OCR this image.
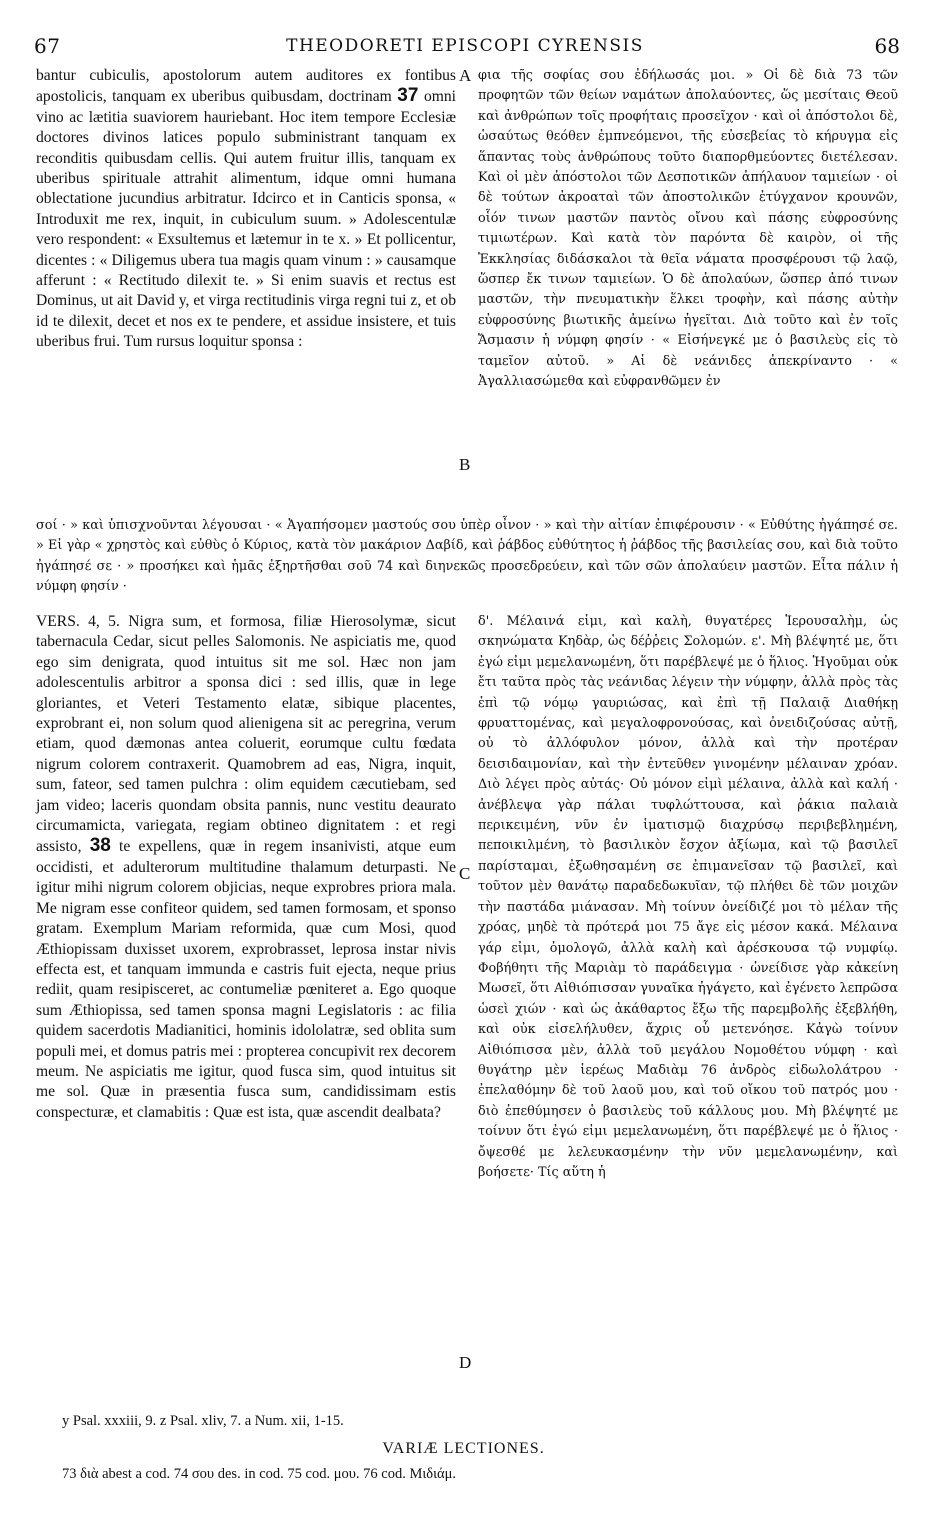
67	THEODORETI EPISCOPI CYRENSIS	68

bantur cubiculis, apostolorum autem auditores ex fontibus apostolicis, tanquam ex uberibus quibusdam, doctrinam 37 omni vino ac lætitia suaviorem hauriebant. Hoc item tempore Ecclesiæ doctores divinos latices populo subministrant tanquam ex reconditis quibusdam cellis. Qui autem fruitur illis, tanquam ex uberibus spirituale attrahit alimentum, idque omni humana oblectatione jucundius arbitratur. Idcirco et in Canticis sponsa, « Introduxit me rex, inquit, in cubiculum suum. » Adolescentulæ vero respondent: « Exsultemus et lætemur in te x. » Et pollicentur, dicentes : « Diligemus ubera tua magis quam vinum : » causamque afferunt : « Rectitudo dilexit te. » Si enim suavis et rectus est Dominus, ut ait David y, et virga rectitudinis virga regni tui z, et ob id te dilexit, decet et nos ex te pendere, et assidue insistere, et tuis uberibus frui. Tum rursus loquitur sponsa :

φια τῆς σοφίας σου ἐδήλωσάς μοι. » Οἱ δὲ διὰ 73 τῶν προφητῶν τῶν θείων ναμάτων ἀπολαύοντες, ὥς μεσίταις Θεοῦ καὶ ἀνθρώπων τοῖς προφήταις προσεῖχον · καὶ οἱ ἀπόστολοι δὲ, ὡσαύτως θεόθεν ἐμπνεόμενοι, τῆς εὐσεβείας τὸ κήρυγμα εἰς ἅπαντας τοὺς ἀνθρώπους τοῦτο διαπορθμεύοντες διετέλεσαν. Καὶ οἱ μὲν ἀπόστολοι τῶν Δεσποτικῶν ἀπήλαυον ταμιείων · οἱ δὲ τούτων ἀκροαταὶ τῶν ἀποστολικῶν ἐτύγχανον κρουνῶν, οἷόν τινων μαστῶν παντὸς οἴνου καὶ πάσης εὐφροσύνης τιμιωτέρων. Καὶ κατὰ τὸν παρόντα δὲ καιρὸν, οἱ τῆς Ἐκκλησίας διδάσκαλοι τὰ θεῖα νάματα προσφέρουσι τῷ λαῷ, ὥσπερ ἔκ τινων ταμιείων. Ὁ δὲ ἀπολαύων, ὥσπερ ἀπό τινων μαστῶν, τὴν πνευματικὴν ἕλκει τροφὴν, καὶ πάσης αὐτὴν εὐφροσύνης βιωτικῆς ἀμείνω ἡγεῖται. Διὰ τοῦτο καὶ ἐν τοῖς Ἄσμασιν ἡ νύμφη φησίν · « Εἰσήνεγκέ με ὁ βασιλεὺς εἰς τὸ ταμεῖον αὐτοῦ. » Αἱ δὲ νεάνιδες ἀπεκρίναντο · « Ἀγαλλιασώμεθα καὶ εὐφρανθῶμεν ἐν

A
B
C
D

σοί · » καὶ ὑπισχνοῦνται λέγουσαι · « Ἀγαπήσομεν μαστούς σου ὑπὲρ οἶνον · » καὶ τὴν αἰτίαν ἐπιφέρουσιν · « Εὐθύτης ἠγάπησέ σε. » Εἰ γὰρ « χρηστὸς καὶ εὐθὺς ὁ Κύριος, κατὰ τὸν μακάριον Δαβίδ, καὶ ῥάβδος εὐθύτητος ἡ ῥάβδος τῆς βασιλείας σου, καὶ διὰ τοῦτο ἠγάπησέ σε · » προσήκει καὶ ἡμᾶς ἐξηρτῆσθαι σοῦ 74 καὶ διηνεκῶς προσεδρεύειν, καὶ τῶν σῶν ἀπολαύειν μαστῶν. Εἶτα πάλιν ἡ νύμφη φησίν ·

VERS. 4, 5. Nigra sum, et formosa, filiæ Hierosolymæ, sicut tabernacula Cedar, sicut pelles Salomonis. Ne aspiciatis me, quod ego sim denigrata, quod intuitus sit me sol. Hæc non jam adolescentulis arbitror a sponsa dici : sed illis, quæ in lege gloriantes, et Veteri Testamento elatæ, sibique placentes, exprobrant ei, non solum quod alienigena sit ac peregrina, verum etiam, quod dæmonas antea coluerit, eorumque cultu fœdata nigrum colorem contraxerit. Quamobrem ad eas, Nigra, inquit, sum, fateor, sed tamen pulchra : olim equidem cæcutiebam, sed jam video; laceris quondam obsita pannis, nunc vestitu deaurato circumamicta, variegata, regiam obtineo dignitatem : et regi assisto, 38 te expellens, quæ in regem insanivisti, atque eum occidisti, et adulterorum multitudine thalamum deturpasti. Ne igitur mihi nigrum colorem objicias, neque exprobres priora mala. Me nigram esse confiteor quidem, sed tamen formosam, et sponso gratam. Exemplum Mariam reformida, quæ cum Mosi, quod Æthiopissam duxisset uxorem, exprobrasset, leprosa instar nivis effecta est, et tanquam immunda e castris fuit ejecta, neque prius rediit, quam resipisceret, ac contumeliæ pœniteret a. Ego quoque sum Æthiopissa, sed tamen sponsa magni Legislatoris : ac filia quidem sacerdotis Madianitici, hominis idololatræ, sed oblita sum populi mei, et domus patris mei : propterea concupivit rex decorem meum. Ne aspiciatis me igitur, quod fusca sim, quod intuitus sit me sol. Quæ in præsentia fusca sum, candidissimam estis conspecturæ, et clamabitis : Quæ est ista, quæ ascendit dealbata?

δ'. Μέλαινά εἰμι, καὶ καλὴ, θυγατέρες Ἱερουσαλὴμ, ὡς σκηνώματα Κηδὰρ, ὡς δέῤῥεις Σολομών. ε'. Μὴ βλέψητέ με, ὅτι ἐγώ εἰμι μεμελανωμένη, ὅτι παρέβλεψέ με ὁ ἥλιος. Ἡγοῦμαι οὐκ ἔτι ταῦτα πρὸς τὰς νεάνιδας λέγειν τὴν νύμφην, ἀλλὰ πρὸς τὰς ἐπὶ τῷ νόμῳ γαυριώσας, καὶ ἐπὶ τῇ Παλαιᾷ Διαθήκῃ φρυαττομένας, καὶ μεγαλοφρονούσας, καὶ ὀνειδιζούσας αὐτῇ, οὐ τὸ ἀλλόφυλον μόνον, ἀλλὰ καὶ τὴν προτέραν δεισιδαιμονίαν, καὶ τὴν ἐντεῦθεν γινομένην μέλαιναν χρόαν. Διὸ λέγει πρὸς αὐτάς· Οὐ μόνον εἰμὶ μέλαινα, ἀλλὰ καὶ καλή · ἀνέβλεψα γὰρ πάλαι τυφλώττουσα, καὶ ῥάκια παλαιὰ περικειμένη, νῦν ἐν ἱματισμῷ διαχρύσῳ περιβεβλημένη, πεποικιλμένη, τὸ βασιλικὸν ἔσχον ἀξίωμα, καὶ τῷ βασιλεῖ παρίσταμαι, ἐξωθησαμένη σε ἐπιμανεῖσαν τῷ βασιλεῖ, καὶ τοῦτον μὲν θανάτῳ παραδεδωκυῖαν, τῷ πλήθει δὲ τῶν μοιχῶν τὴν παστάδα μιάνασαν. Μὴ τοίνυν ὀνείδιζέ μοι τὸ μέλαν τῆς χρόας, μηδὲ τὰ πρότερά μοι 75 ἄγε εἰς μέσον κακά. Μέλαινα γάρ εἰμι, ὁμολογῶ, ἀλλὰ καλὴ καὶ ἀρέσκουσα τῷ νυμφίῳ. Φοβήθητι τῆς Μαριὰμ τὸ παράδειγμα · ὠνείδισε γὰρ κἀκείνη Μωσεῖ, ὅτι Αἰθιόπισσαν γυναῖκα ἠγάγετο, καὶ ἐγένετο λεπρῶσα ὡσεὶ χιών · καὶ ὡς ἀκάθαρτος ἔξω τῆς παρεμβολῆς ἐξεβλήθη, καὶ οὐκ εἰσελήλυθεν, ἄχρις οὗ μετενόησε. Κἀγὼ τοίνυν Αἰθιόπισσα μὲν, ἀλλὰ τοῦ μεγάλου Νομοθέτου νύμφη · καὶ θυγάτηρ μὲν ἱερέως Μαδιὰμ 76 ἀνδρὸς εἰδωλολάτρου · ἐπελαθόμην δὲ τοῦ λαοῦ μου, καὶ τοῦ οἴκου τοῦ πατρός μου · διὸ ἐπεθύμησεν ὁ βασιλεὺς τοῦ κάλλους μου. Μὴ βλέψητέ με τοίνυν ὅτι ἐγώ εἰμι μεμελανωμένη, ὅτι παρέβλεψέ με ὁ ἥλιος · ὄψεσθέ με λελευκασμένην τὴν νῦν μεμελανωμένην, καὶ βοήσετε· Τίς αὕτη ἡ

y Psal. xxxiii, 9. z Psal. xliv, 7. a Num. xii, 1-15.
VARIÆ LECTIONES.
73 διὰ abest a cod. 74 σου des. in cod. 75 cod. μου. 76 cod. Μιδιάμ.
